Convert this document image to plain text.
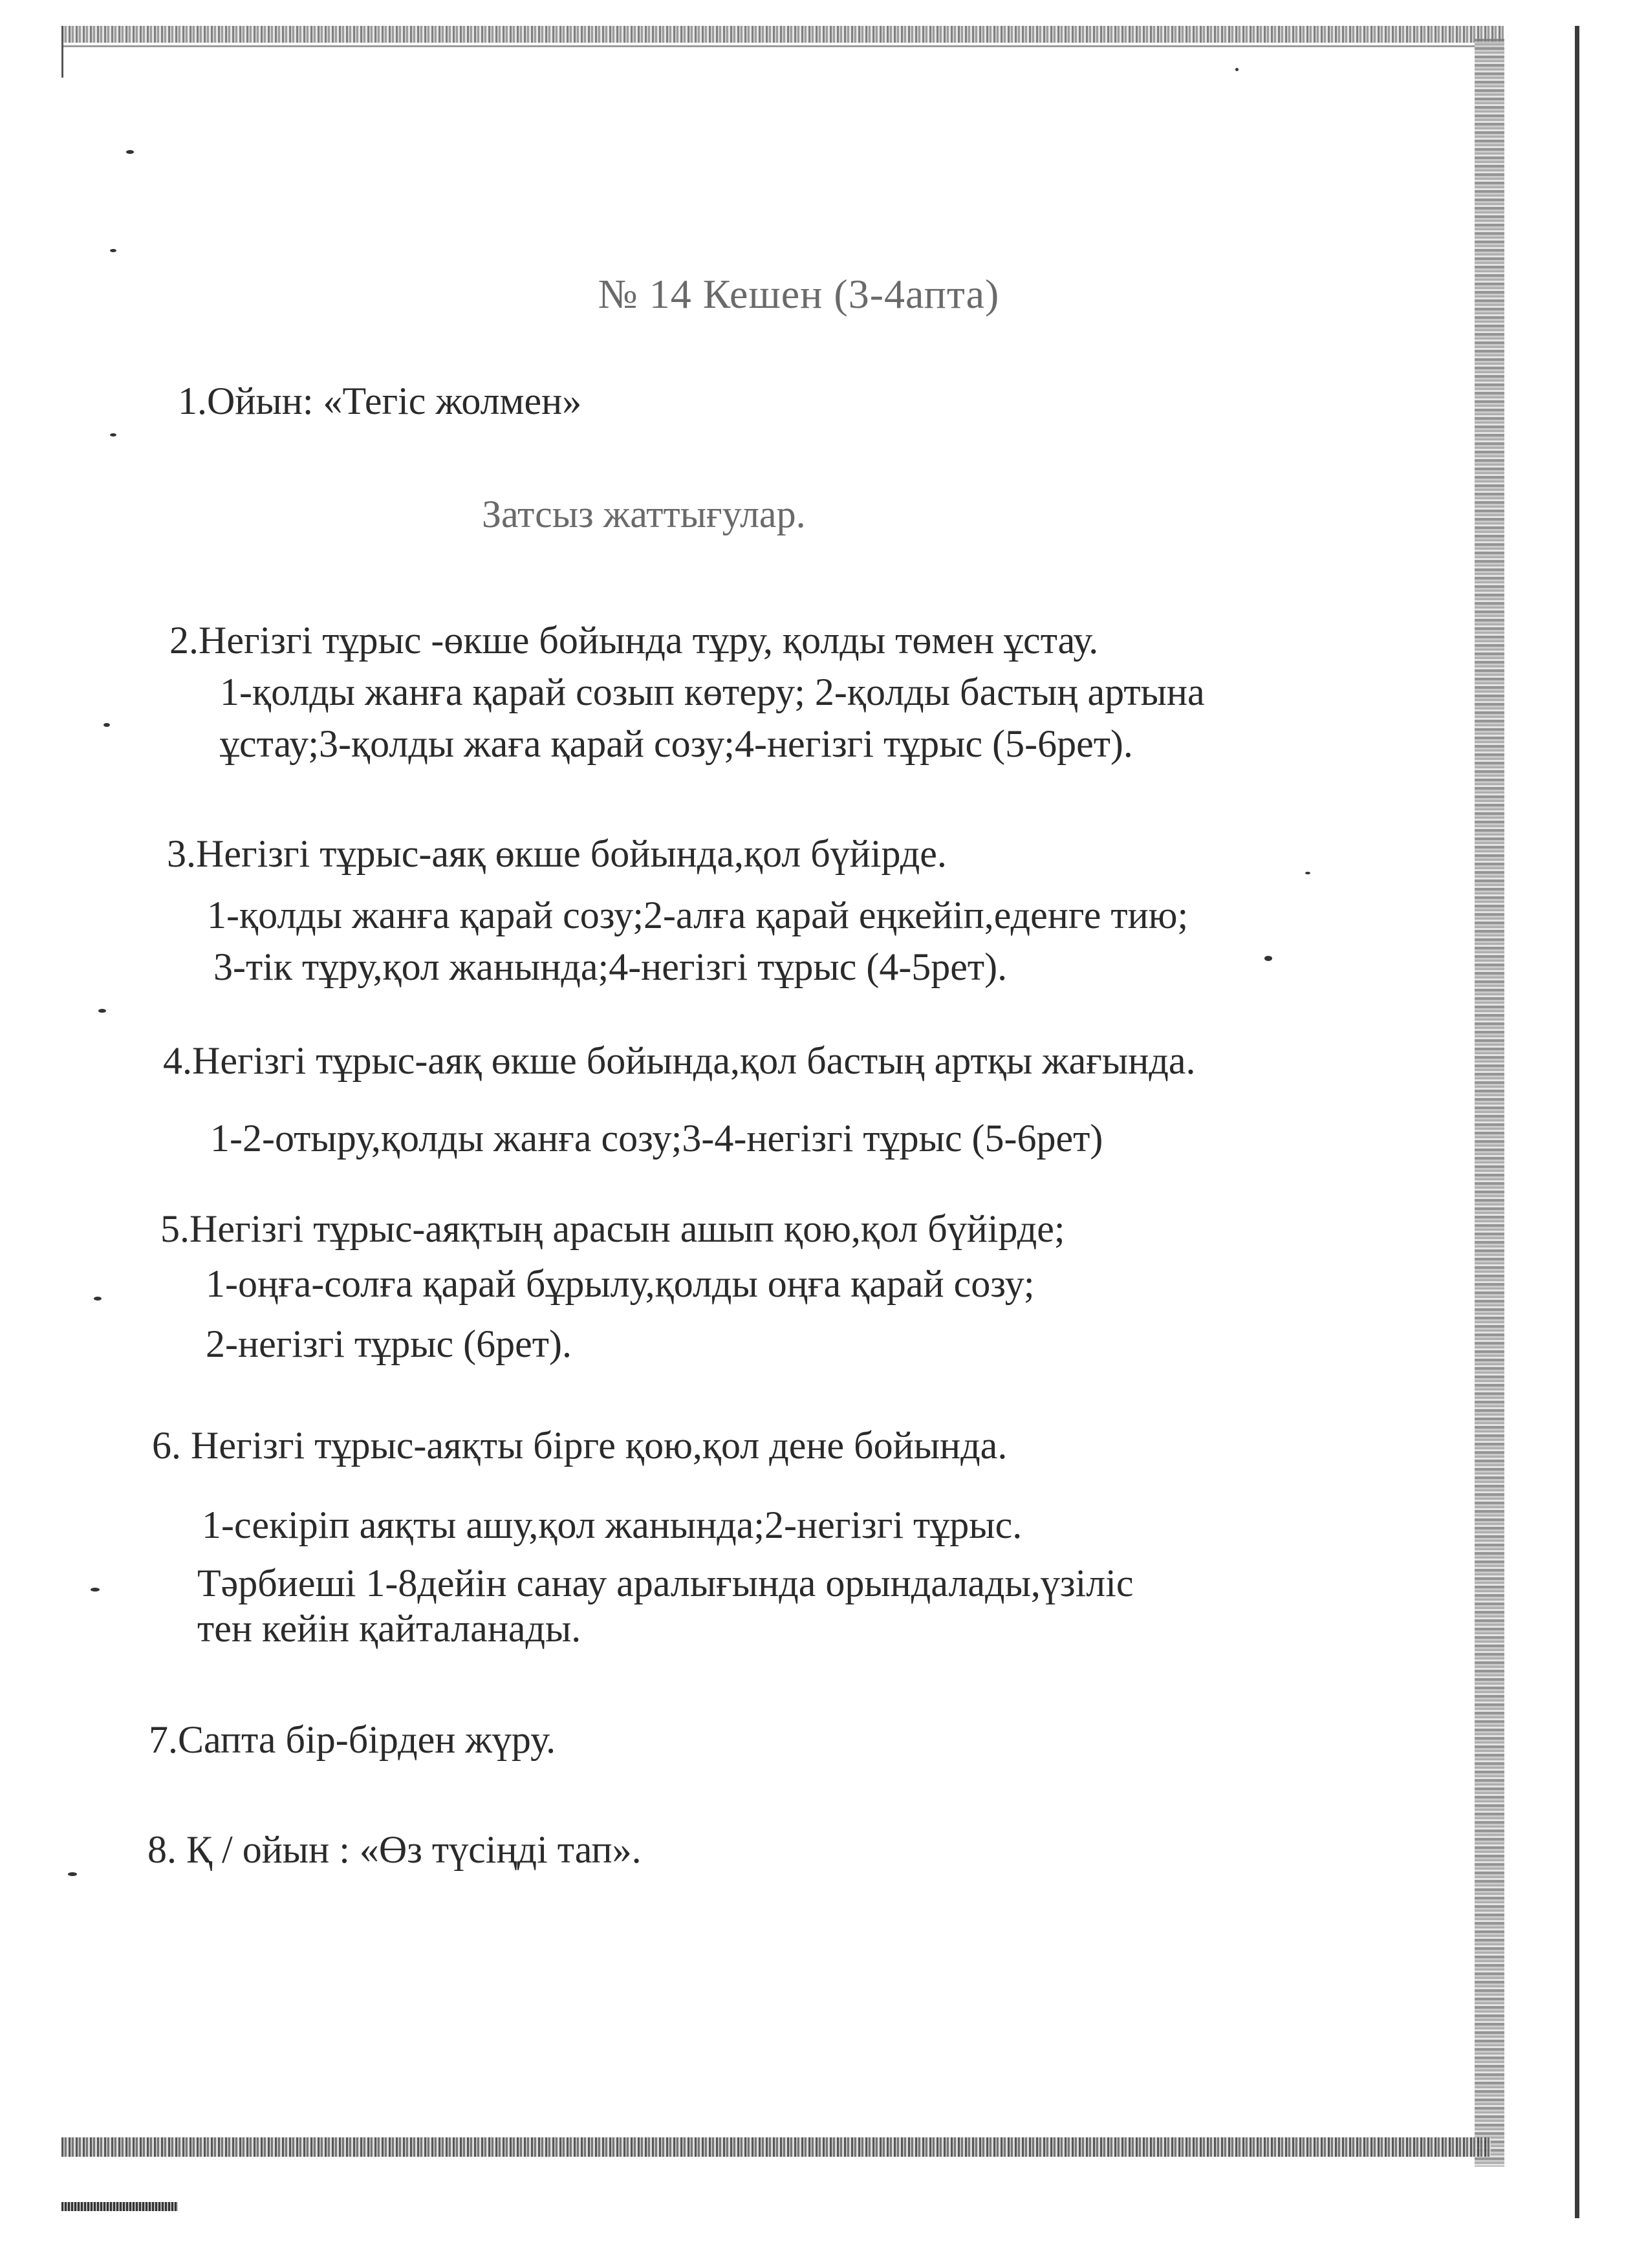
№ 14 Кешен (3-4апта)
1.Ойын: «Тегіс жолмен»
Затсыз жаттығулар.
2.Негізгі тұрыс -өкше бойында тұру, қолды төмен ұстау.
1-қолды жанға қарай созып көтеру; 2-қолды бастың артына
ұстау;3-қолды жаға қарай созу;4-негізгі тұрыс (5-6рет).
3.Негізгі тұрыс-аяқ өкше бойында,қол бүйірде.
1-қолды жанға қарай созу;2-алға қарай еңкейіп,еденге тию;
3-тік тұру,қол жанында;4-негізгі тұрыс (4-5рет).
4.Негізгі тұрыс-аяқ өкше бойында,қол бастың артқы жағында.
1-2-отыру,қолды жанға созу;3-4-негізгі тұрыс (5-6рет)
5.Негізгі тұрыс-аяқтың арасын ашып қою,қол бүйірде;
1-оңға-солға қарай бұрылу,қолды оңға қарай созу;
2-негізгі тұрыс (6рет).
6. Негізгі тұрыс-аяқты бірге қою,қол дене бойында.
1-секіріп аяқты ашу,қол жанында;2-негізгі тұрыс.
Тәрбиеші 1-8дейін санау аралығында орындалады,үзіліс
тен кейін қайталанады.
7.Сапта бір-бірден жүру.
8. Қ / ойын : «Өз түсіңді тап».
